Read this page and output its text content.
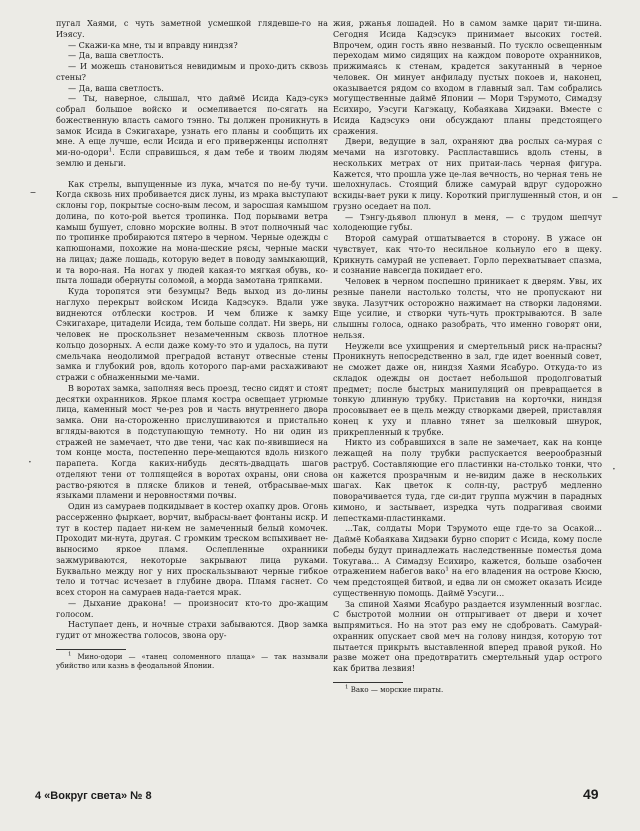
пугал Хаями, с чуть заметной усмешкой глядевше-го на Иэясу.

— Скажи-ка мне, ты и вправду ниндзя?

— Да, ваша светлость.

— И можешь становиться невидимым и прохо-дить сквозь стены?

— Да, ваша светлость.

— Ты, наверное, слышал, что даймё Исида Кадэ-сукэ собрал большое войско и осмеливается по-сягать на божественную власть самого тэнно. Ты должен проникнуть в замок Исида в Сэкигахаре, узнать его планы и сообщить их мне. А еще лучше, если Исида и его приверженцы исполнят ми-но-одори$^1$. Если справишься, я дам тебе и твоим людям землю и деньги.

Как стрелы, выпущенные из лука, мчатся по не-бу тучи. Когда сквозь них пробивается диск луны, из мрака выступают склоны гор, покрытые сосно-вым лесом, и заросшая камышом долина, по кото-рой вьется тропинка. Под порывами ветра камыш бушует, словно морские волны. В этот полночный час по тропинке пробираются пятеро в черном. Черные одежды с капюшонами, похожие на мона-шеские рясы, черные маски на лицах; даже лошадь, которую ведет в поводу замыкающий, и та воро-ная. На ногах у людей какая-то мягкая обувь, ко-пыта лошади обернуты соломой, а морда замотана тряпками.

Куда торопятся эти безумцы? Ведь выход из до-лины наглухо перекрыт войском Исида Кадэсукэ. Вдали уже виднеются отблески костров. И чем ближе к замку Сэкигахаре, цитадели Исида, тем больше солдат. Ни зверь, ни человек не проскользнет незамеченным сквозь плотное кольцо дозорных. А если даже кому-то это и удалось, на пути смельчака неодолимой преградой встанут отвесные стены замка и глубокий ров, вдоль которого пар-ами расхаживают стражи с обнаженными ме-чами.

В воротах замка, заполняя весь проезд, тесно сидят и стоят десятки охранников. Яркое пламя костра освещает угрюмые лица, каменный мост че-рез ров и часть внутреннего двора замка. Они на-стороженно прислушиваются и пристально вгляды-ваются в подступающую темноту. Но ни один из стражей не замечает, что две тени, час как по-явившиеся на том конце моста, постепенно пере-мещаются вдоль низкого парапета. Когда каких-нибудь десять-двадцать шагов отделяют тени от толпящейся в воротах охраны, они снова раство-ряются в пляске бликов и теней, отбрасывае-мых языками пламени и неровностями почвы.

Один из самураев подкидывает в костер охапку дров. Огонь рассерженно фыркает, ворчит, выбрасы-вает фонтаны искр. И тут в костер падает ни-кем не замеченный белый комочек. Проходит ми-нута, другая. С громким треском вспыхивает не-выносимо яркое пламя. Ослепленные охранники зажмуриваются, некоторые закрывают лица руками. Буквально между ног у них проскальзывают черные гибкое тело и тотчас исчезает в глубине двора. Пламя гаснет. Со всех сторон на самураев нада-гается мрак.

— Дыхание дракона! — произносит кто-то дро-жащим голосом.

Наступает день, и ночные страхи забываются. Двор замка гудит от множества голосов, звона ору-

$^1$ Мино-одори — «танец соломенного плаща» — так называли убийство или казнь в феодальной Японии.

жия, ржанья лошадей. Но в самом замке царит ти-шина. Сегодня Исида Кадэсукэ принимает высоких гостей. Впрочем, один гость явно незваный. По тускло освещенным переходам мимо сидящих на каждом повороте охранников, прижимаясь к стенам, крадется закутанный в черное человек. Он минует анфиладу пустых покоев и, наконец, оказывается рядом со входом в главный зал. Там собрались могущественные даймё Японии — Мори Тэрумото, Симадзу Есихиро, Уэсуги Кагэкацу, Кобаякава Хидэаки. Вместе с Исида Кадэсукэ они обсуждают планы предстоящего сражения.

Двери, ведущие в зал, охраняют два рослых са-мурая с мечами на изготовку. Распластавшись вдоль стены, в нескольких метрах от них притаи-лась черная фигура. Кажется, что прошла уже це-лая вечность, но черная тень не шелохнулась. Стоящий ближе самурай вдруг судорожно вскиды-вает руки к лицу. Короткий приглушенный стон, и он грузно оседает на пол.

— Тэнгу-дьявол плюнул в меня, — с трудом шепчут холодеющие губы.

Второй самурай отшатывается в сторону. В ужасе он чувствует, как что-то несильное кольнуло его в щеку. Крикнуть самурай не успевает. Горло перехватывает спазма, и сознание навсегда покидает его.

Человек в черном поспешно приникает к дверям. Увы, их резные панели настолько толсты, что не пропускают ни звука. Лазутчик осторожно нажимает на створки ладонями. Еще усилие, и створки чуть-чуть проктрываются. В зале слышны голоса, однако разобрать, что именно говорят они, нельзя.

Неужели все ухищрения и смертельный риск на-прасны? Проникнуть непосредственно в зал, где идет военный совет, не сможет даже он, ниндзя Хаями Ясабуро. Откуда-то из складок одежды он достает небольшой продолговатый предмет; после быстрых манипуляций он превращается в тонкую длинную трубку. Приставив на корточки, ниндзя просовывает ее в щель между створками дверей, приставляя конец к уху и плавно тянет за шелковый шнурок, прикрепленный к трубке.

Никто из собравшихся в зале не замечает, как на конце лежащей на полу трубки распускается веерообразный раструб. Составляющие его пластинки на-столько тонки, что он кажется прозрачным и не-видим даже в нескольких шагах. Как цветок к солн-цу, раструб медленно поворачивается туда, где си-дит группа мужчин в парадных кимоно, и застывает, изредка чуть подрагивая своими лепестками-пластинками.

...Так, солдаты Мори Тэрумото еще где-то за Осакой... Даймё Кобаякава Хидэаки бурно спорит с Исида, кому после победы будут принадлежать наследственные поместья дома Токугава... А Симадзу Есихиро, кажется, больше озабочен отражением набегов вако$^1$ на его владения на острове Кюсю, чем предстоящей битвой, и едва ли он сможет оказать Исиде существенную помощь. Даймё Уэсуги...

За спиной Хаями Ясабуро раздается изумленный возглас. С быстротой молнии он отпрыгивает от двери и хочет выпрямиться. Но на этот раз ему не сдобровать. Самурай-охранник опускает свой меч на голову ниндзя, которую тот пытается прикрыть выставленной вперед правой рукой. Но разве может она предотвратить смертельный удар острого как бритва лезвия!

$^1$ Вако — морские пираты.

4 «Вокруг света» № 8	49
–
·
–
·
